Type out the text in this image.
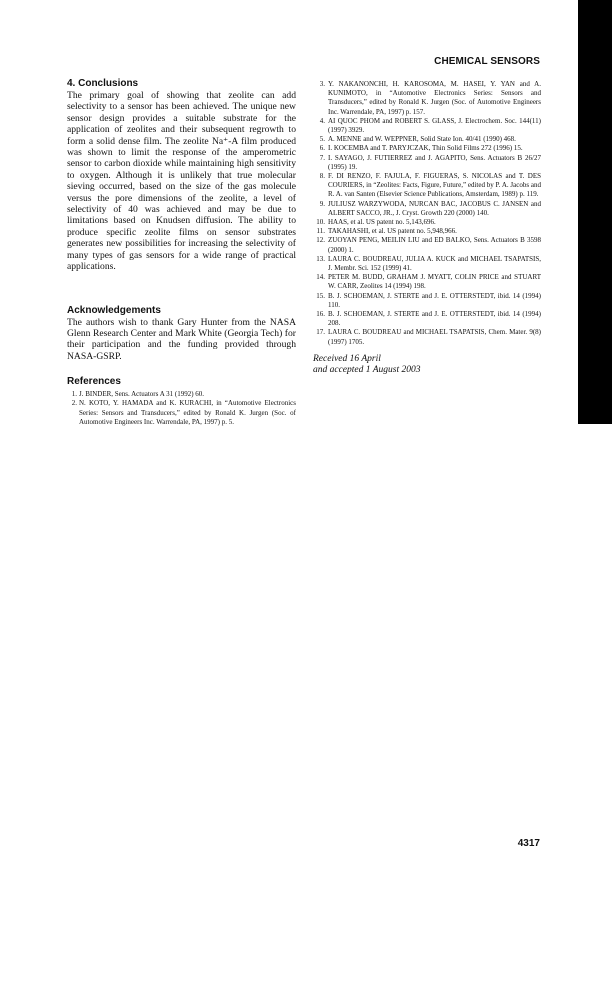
CHEMICAL SENSORS
4. Conclusions

The primary goal of showing that zeolite can add selectivity to a sensor has been achieved. The unique new sensor design provides a suitable substrate for the application of zeolites and their subsequent regrowth to form a solid dense film. The zeolite Na⁺-A film produced was shown to limit the response of the amperometric sensor to carbon dioxide while maintaining high sensitivity to oxygen. Although it is unlikely that true molecular sieving occurred, based on the size of the gas molecule versus the pore dimensions of the zeolite, a level of selectivity of 40 was achieved and may be due to limitations based on Knudsen diffusion. The ability to produce specific zeolite films on sensor substrates generates new possibilities for increasing the selectivity of many types of gas sensors for a wide range of practical applications.

Acknowledgements

The authors wish to thank Gary Hunter from the NASA Glenn Research Center and Mark White (Georgia Tech) for their participation and the funding provided through NASA-GSRP.

References
1. J. BINDER, Sens. Actuators A 31 (1992) 60.
2. N. KOTO, Y. HAMADA and K. KURACHI, in “Automotive Electronics Series: Sensors and Transducers,” edited by Ronald K. Jurgen (Soc. of Automotive Engineers Inc. Warrendale, PA, 1997) p. 5.
3. Y. NAKANONCHI, H. KAROSOMA, M. HASEI, Y. YAN and A. KUNIMOTO, in “Automotive Electronics Series: Sensors and Transducers,” edited by Ronald K. Jurgen (Soc. of Automotive Engineers Inc. Warrendale, PA, 1997) p. 157.
4. AI QUOC PHOM and ROBERT S. GLASS, J. Electrochem. Soc. 144(11) (1997) 3929.
5. A. MENNE and W. WEPPNER, Solid State Ion. 40/41 (1990) 468.
6. I. KOCEMBA and T. PARYJCZAK, Thin Solid Films 272 (1996) 15.
7. I. SAYAGO, J. FUTIERREZ and J. AGAPITO, Sens. Actuators B 26/27 (1995) 19.
8. F. DI RENZO, F. FAJULA, F. FIGUERAS, S. NICOLAS and T. DES COURIERS, in “Zeolites: Facts, Figure, Future,” edited by P. A. Jacobs and R. A. van Santen (Elsevier Science Publications, Amsterdam, 1989) p. 119.
9. JULIUSZ WARZYWODA, NURCAN BAC, JACOBUS C. JANSEN and ALBERT SACCO, JR., J. Cryst. Growth 220 (2000) 140.
10. HAAS, et al. US patent no. 5,143,696.
11. TAKAHASHI, et al. US patent no. 5,948,966.
12. ZUOYAN PENG, MEILIN LIU and ED BALKO, Sens. Actuators B 3598 (2000) 1.
13. LAURA C. BOUDREAU, JULIA A. KUCK and MICHAEL TSAPATSIS, J. Membr. Sci. 152 (1999) 41.
14. PETER M. BUDD, GRAHAM J. MYATT, COLIN PRICE and STUART W. CARR, Zeolites 14 (1994) 198.
15. B. J. SCHOEMAN, J. STERTE and J. E. OTTERSTEDT, ibid. 14 (1994) 110.
16. B. J. SCHOEMAN, J. STERTE and J. E. OTTERSTEDT, ibid. 14 (1994) 208.
17. LAURA C. BOUDREAU and MICHAEL TSAPATSIS, Chem. Mater. 9(8) (1997) 1705.
Received 16 April
and accepted 1 August 2003
4317
